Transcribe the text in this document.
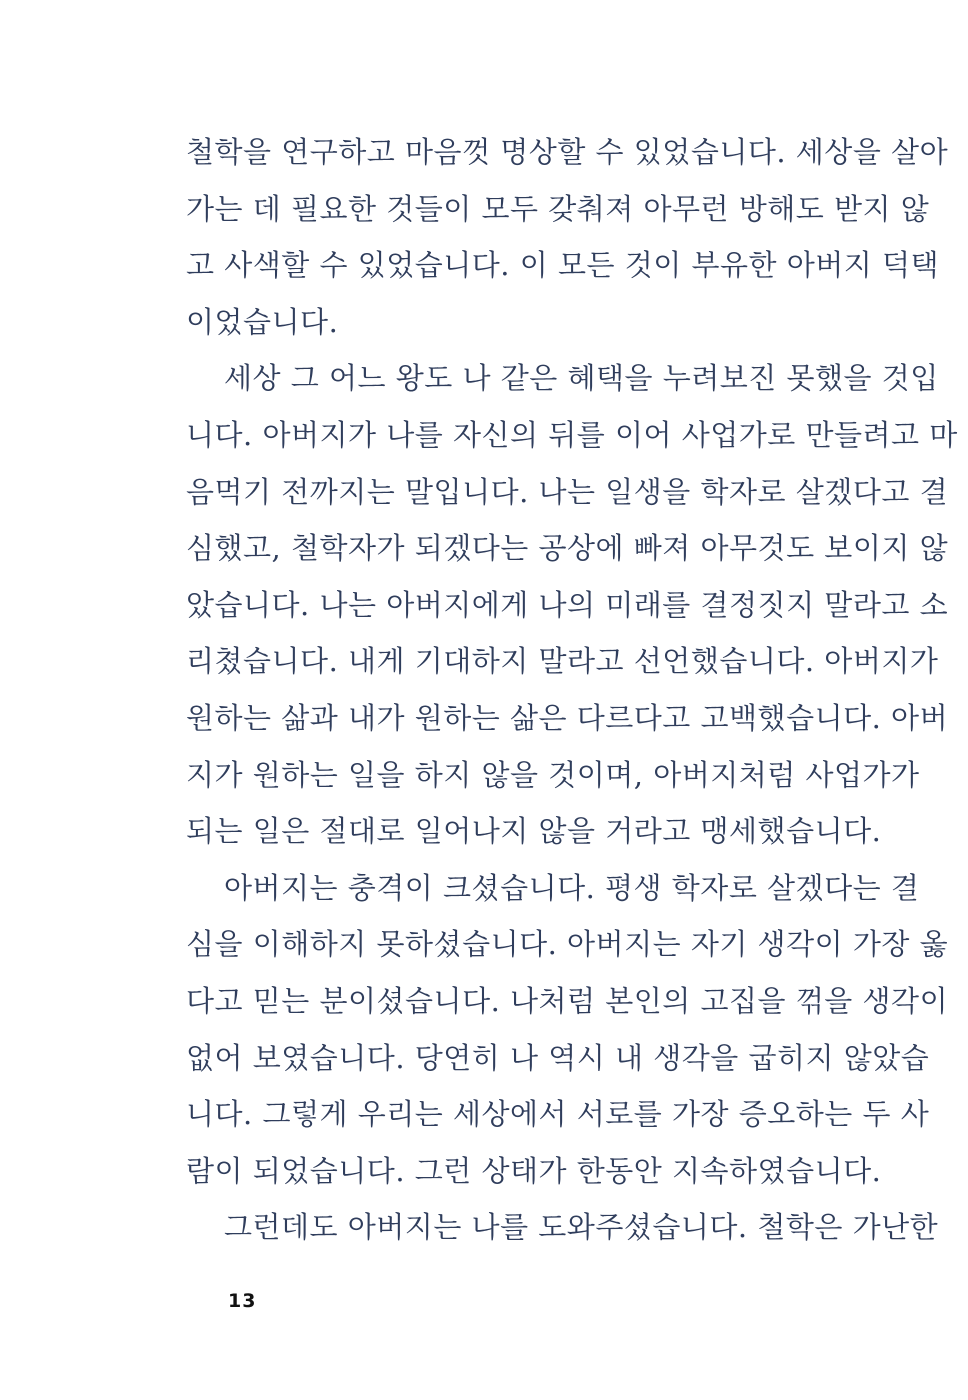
철학을 연구하고 마음껏 명상할 수 있었습니다. 세상을 살아
가는 데 필요한 것들이 모두 갖춰져 아무런 방해도 받지 않
고 사색할 수 있었습니다. 이 모든 것이 부유한 아버지 덕택
이었습니다.
세상 그 어느 왕도 나 같은 혜택을 누려보진 못했을 것입
니다. 아버지가 나를 자신의 뒤를 이어 사업가로 만들려고 마
음먹기 전까지는 말입니다. 나는 일생을 학자로 살겠다고 결
심했고, 철학자가 되겠다는 공상에 빠져 아무것도 보이지 않
았습니다. 나는 아버지에게 나의 미래를 결정짓지 말라고 소
리쳤습니다. 내게 기대하지 말라고 선언했습니다. 아버지가
원하는 삶과 내가 원하는 삶은 다르다고 고백했습니다. 아버
지가 원하는 일을 하지 않을 것이며, 아버지처럼 사업가가
되는 일은 절대로 일어나지 않을 거라고 맹세했습니다.
아버지는 충격이 크셨습니다. 평생 학자로 살겠다는 결
심을 이해하지 못하셨습니다. 아버지는 자기 생각이 가장 옳
다고 믿는 분이셨습니다. 나처럼 본인의 고집을 꺾을 생각이
없어 보였습니다. 당연히 나 역시 내 생각을 굽히지 않았습
니다. 그렇게 우리는 세상에서 서로를 가장 증오하는 두 사
람이 되었습니다. 그런 상태가 한동안 지속하였습니다.
그런데도 아버지는 나를 도와주셨습니다. 철학은 가난한
13
